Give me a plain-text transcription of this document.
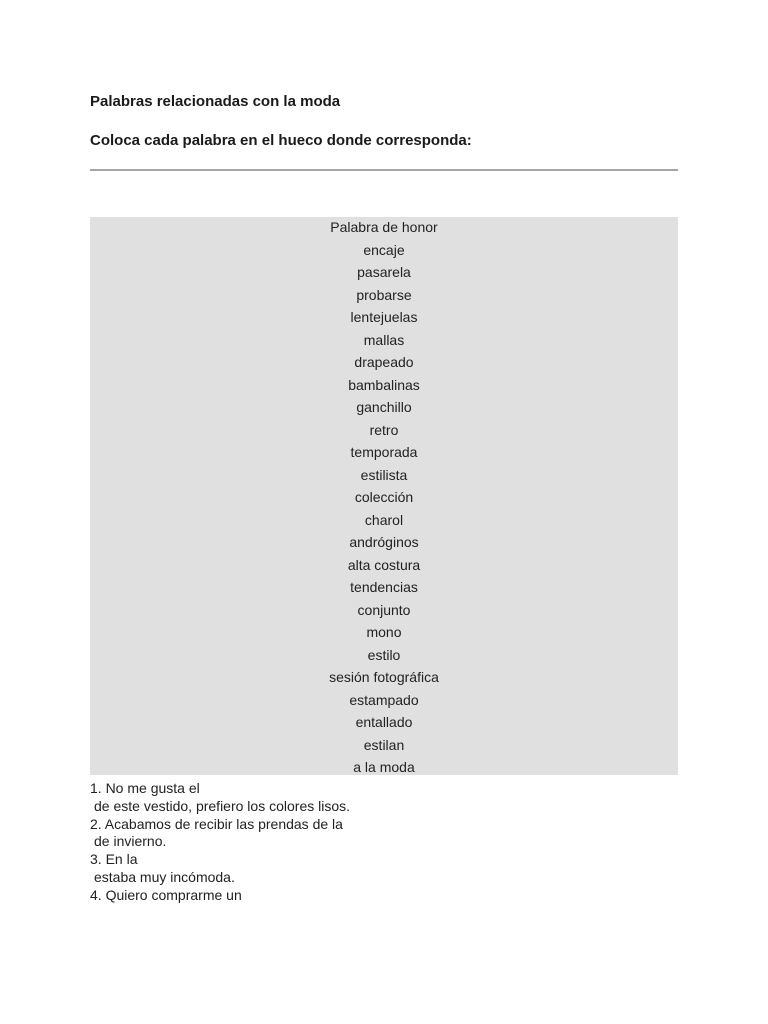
Palabras relacionadas con la moda

Coloca cada palabra en el hueco donde corresponda:

Palabra de honor
encaje
pasarela
probarse
lentejuelas
mallas
drapeado
bambalinas
ganchillo
retro
temporada
estilista
colección
charol
andróginos
alta costura
tendencias
conjunto
mono
estilo
sesión fotográfica
estampado
entallado
estilan
a la moda
1. No me gusta el
de este vestido, prefiero los colores lisos.
2. Acabamos de recibir las prendas de la
de invierno.
3. En la
estaba muy incómoda.
4. Quiero comprarme un
